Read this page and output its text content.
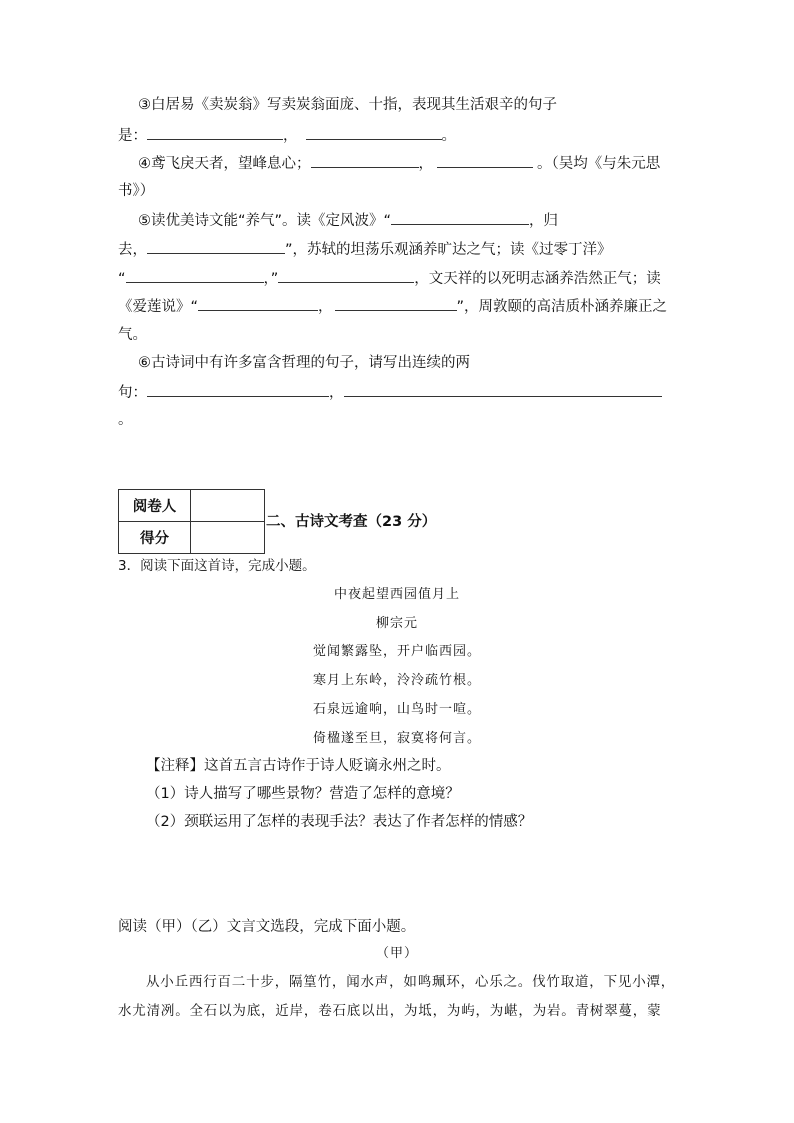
③白居易《卖炭翁》写卖炭翁面庞、十指，表现其生活艰辛的句子
是：	，	。
④鸢飞戾天者，望峰息心；	，	。（吴均《与朱元思
书》）
⑤读优美诗文能“养气”。读《定风波》“	，归
去，	”，苏轼的坦荡乐观涵养旷达之气；读《过零丁洋》
“	，”	，文天祥的以死明志涵养浩然正气；读
《爱莲说》“	，	”，周敦颐的高洁质朴涵养廉正之
气。
⑥古诗词中有许多富含哲理的句子，请写出连续的两
句：	，
。
阅卷人	
得分	
二、古诗文考查（23 分）
3．阅读下面这首诗，完成小题。
中夜起望西园值月上
柳宗元
觉闻繁露坠，开户临西园。
寒月上东岭，泠泠疏竹根。
石泉远逾响，山鸟时一喧。
倚楹遂至旦，寂寞将何言。
【注释】这首五言古诗作于诗人贬谪永州之时。
（1）诗人描写了哪些景物？营造了怎样的意境？
（2）颈联运用了怎样的表现手法？表达了作者怎样的情感？
阅读（甲）（乙）文言文选段，完成下面小题。
（甲）
从小丘西行百二十步，隔篁竹，闻水声，如鸣珮环，心乐之。伐竹取道，下见小潭，
水尤清冽。全石以为底，近岸，卷石底以出，为坻，为屿，为嵁，为岩。青树翠蔓，蒙
